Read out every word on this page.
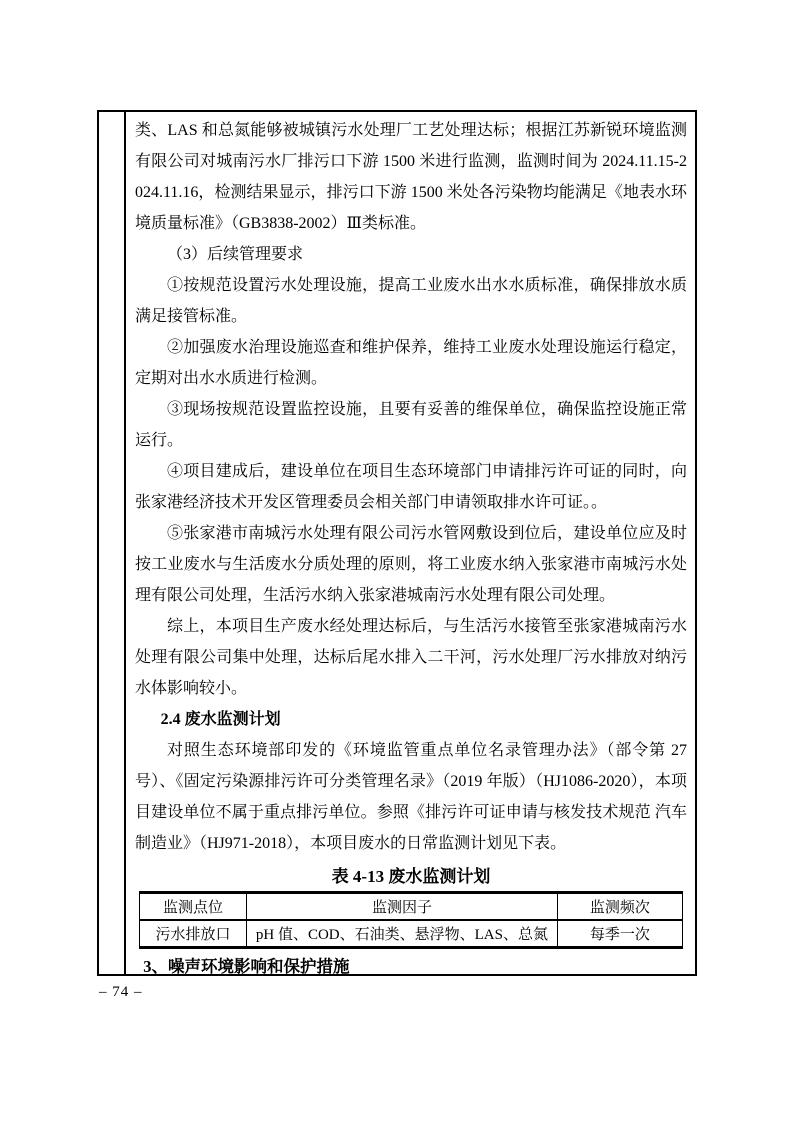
类、LAS 和总氮能够被城镇污水处理厂工艺处理达标；根据江苏新锐环境监测有限公司对城南污水厂排污口下游 1500 米进行监测，监测时间为 2024.11.15-2024.11.16，检测结果显示，排污口下游 1500 米处各污染物均能满足《地表水环境质量标准》（GB3838-2002）Ⅲ类标准。

（3）后续管理要求

①按规范设置污水处理设施，提高工业废水出水水质标准，确保排放水质满足接管标准。

②加强废水治理设施巡查和维护保养，维持工业废水处理设施运行稳定，定期对出水水质进行检测。

③现场按规范设置监控设施，且要有妥善的维保单位，确保监控设施正常运行。

④项目建成后，建设单位在项目生态环境部门申请排污许可证的同时，向张家港经济技术开发区管理委员会相关部门申请领取排水许可证。。

⑤张家港市南城污水处理有限公司污水管网敷设到位后，建设单位应及时按工业废水与生活废水分质处理的原则，将工业废水纳入张家港市南城污水处理有限公司处理，生活污水纳入张家港城南污水处理有限公司处理。

综上，本项目生产废水经处理达标后，与生活污水接管至张家港城南污水处理有限公司集中处理，达标后尾水排入二干河，污水处理厂污水排放对纳污水体影响较小。

2.4 废水监测计划

对照生态环境部印发的《环境监管重点单位名录管理办法》（部令第 27 号）、《固定污染源排污许可分类管理名录》（2019 年版）（HJ1086-2020），本项目建设单位不属于重点排污单位。参照《排污许可证申请与核发技术规范 汽车制造业》（HJ971-2018），本项目废水的日常监测计划见下表。

表 4-13 废水监测计划
监测点位	监测因子	监测频次
污水排放口	pH 值、COD、石油类、悬浮物、LAS、总氮	每季一次

3、噪声环境影响和保护措施

– 74 –
